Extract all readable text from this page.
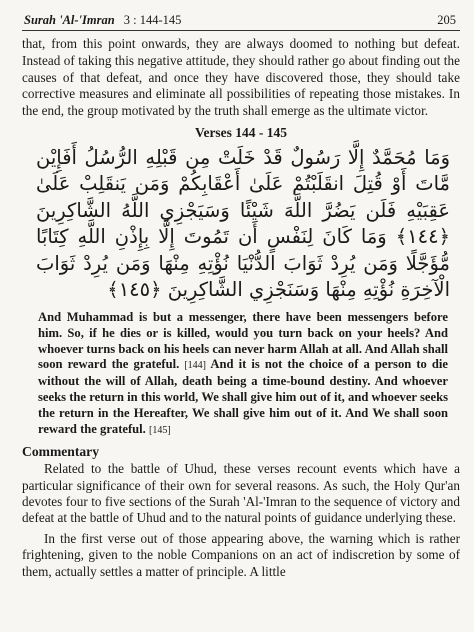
Surah 'Al-'Imran 3 : 144-145	205

that, from this point onwards, they are always doomed to nothing but defeat. Instead of taking this negative attitude, they should rather go about finding out the causes of that defeat, and once they have discovered those, they should take corrective measures and eliminate all possibilities of repeating those mistakes. In the end, the group motivated by the truth shall emerge as the ultimate victor.

Verses 144 - 145
وَمَا مُحَمَّدٌ إِلَّا رَسُولٌ قَدْ خَلَتْ مِن قَبْلِهِ الرُّسُلُ أَفَإِيْن مَّاتَ أَوْ قُتِلَ انقَلَبْتُمْ عَلَىٰ أَعْقَابِكُمْ وَمَن يَنقَلِبْ عَلَىٰ عَقِبَيْهِ فَلَن يَضُرَّ اللَّهَ شَيْئًا وَسَيَجْزِي اللَّهُ الشَّاكِرِينَ ﴿١٤٤﴾ وَمَا كَانَ لِنَفْسٍ أَن تَمُوتَ إِلَّا بِإِذْنِ اللَّهِ كِتَابًا مُّؤَجَّلًا وَمَن يُرِدْ ثَوَابَ الدُّنْيَا نُؤْتِهِ مِنْهَا وَمَن يُرِدْ ثَوَابَ الْآخِرَةِ نُؤْتِهِ مِنْهَا وَسَنَجْزِي الشَّاكِرِينَ ﴿١٤٥﴾

And Muhammad is but a messenger, there have been messengers before him. So, if he dies or is killed, would you turn back on your heels? And whoever turns back on his heels can never harm Allah at all. And Allah shall soon reward the grateful. [144] And it is not the choice of a person to die without the will of Allah, death being a time-bound destiny. And whoever seeks the return in this world, We shall give him out of it, and whoever seeks the return in the Hereafter, We shall give him out of it. And We shall soon reward the grateful. [145]

Commentary

Related to the battle of Uhud, these verses recount events which have a particular significance of their own for several reasons. As such, the Holy Qur'an devotes four to five sections of the Surah 'Al-'Imran to the sequence of victory and defeat at the battle of Uhud and to the natural points of guidance underlying these.

In the first verse out of those appearing above, the warning which is rather frightening, given to the noble Companions on an act of indiscretion by some of them, actually settles a matter of principle. A little
